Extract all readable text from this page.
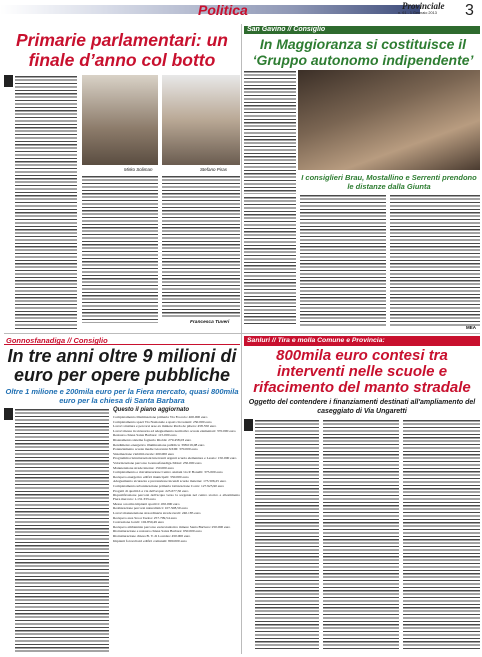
Politica	Provinciale
n. 61 - 1 Gennaio 2013 3
Primarie parlamentari: un finale d’anno col botto
Mirko Soliman	Stefano Piras
Francesca Tuveri
San Gavino // Consiglio
In Maggioranza si costituisce il ‘Gruppo autonomo indipendente’
I consiglieri Brau, Mostallino e Serrenti prendono le distanze dalla Giunta
MEA
Gonnosfanadiga // Consiglio
In tre anni oltre 9 milioni di euro per opere pubbliche
Oltre 1 milione e 200mila euro per la Fiera mercato, quasi 800mila euro per la chiesa di Santa Barbara
Questo il piano aggiornato
Completamento illuminazione primaria Via Foscolo: 400.000 euro
Completamento spazi Via Nazionale e spazi circostanti: 250.000 euro
Lavori strutture e percorsi aree ex miniere Perda de pibera: 458.550 euro
Lavori messa in sicurezza ed adeguamento normativo scuole elementari: 370.000 euro
Restauro chiesa Santa Barbara: 115.000 euro
Risanamento sistema fognario Riolda: 279.458,03 euro
Rendimento energetico illuminazione pubblica: 398.019,08 euro
Potenziamento scuole medie Giovanni XXIII: 370.000 euro
Sistemazione viabilità rurale: 200.000 euro
Programma ristrutturazioni interventi urgenti scuola elementare e Lessio: 150.000 euro
Valorizzazione percorso Gonnosfanadiga-Sibiui: 250.000 euro
Manutenzione strade interne: 150.000 euro
Completamento e ristrutturazione Centro anziani via P. Bonelli: 375.000 euro
Recupero energetico edifici municipali: 350.000 euro
Adeguamento sicurezza e prevenzione incendi scuole materne: 173.506,25 euro
Completamento urbanizzazione primaria lottizzazione Corru: 127.925,90 euro
Progetti di qualità La via dell'acqua: 225.677,50 euro
Riqualificazione percorsi dell'acqua verso la sorgente nel centro storico e allestimento Fiera mercato: 1.131.333 euro
Messa a norma impianti sportivi: 450.000 euro
Realizzazione percorsi naturalistici: 107.508,50 euro
Lavori manutenzione straordinaria strade rurali: 240.185 euro
Recupero area Sroor Ixeloa: 257.709,54 euro
Costruzione loculi: 102.850,49 euro
Recupero ambientale percorso escursionistico minere Santa Barbara: 250.000 euro
Ristrutturazione e restauro chiesa Santa Barbara: 650.000 euro
Ristrutturazione chiesa B. V. di Lourdes: 450.000 euro
Impianti fotovoltaici edifici comunali: 800.000 euro
Sanluri // Tira e molla Comune e Provincia:
800mila euro contesi tra interventi nelle scuole e rifacimento del manto stradale
Oggetto del contendere i finanziamenti destinati all'ampliamento del caseggiato di Via Ungaretti
